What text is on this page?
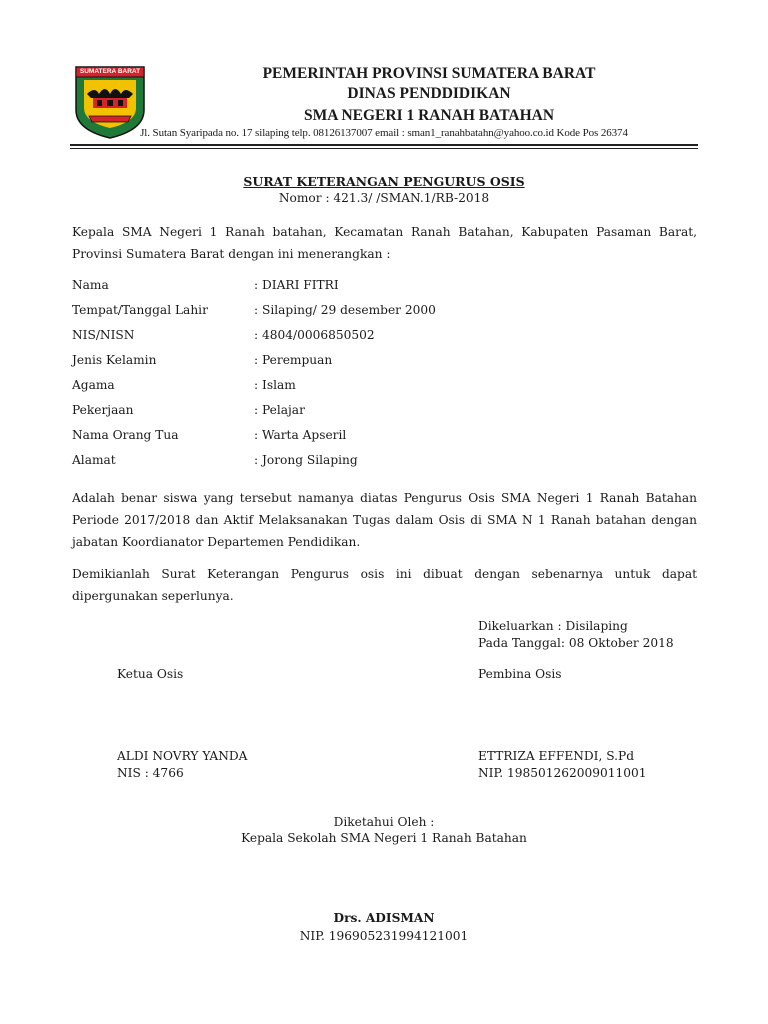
SUMATERA BARAT	PEMERINTAH PROVINSI SUMATERA BARAT
DINAS PENDDIDIKAN
SMA NEGERI 1 RANAH BATAHAN
Jl. Sutan Syaripada no. 17 silaping telp. 08126137007 email : sman1_ranahbatahn@yahoo.co.id Kode Pos 26374
SURAT KETERANGAN PENGURUS OSIS
Nomor : 421.3/ /SMAN.1/RB-2018
Kepala SMA Negeri 1 Ranah batahan, Kecamatan Ranah Batahan, Kabupaten Pasaman Barat, Provinsi Sumatera Barat dengan ini menerangkan :
Nama	: DIARI FITRI
Tempat/Tanggal Lahir	: Silaping/ 29 desember 2000
NIS/NISN	: 4804/0006850502
Jenis Kelamin	: Perempuan
Agama	: Islam
Pekerjaan	: Pelajar
Nama Orang Tua	: Warta Apseril
Alamat	: Jorong Silaping
Adalah benar siswa yang tersebut namanya diatas Pengurus Osis SMA Negeri 1 Ranah Batahan Periode 2017/2018 dan Aktif Melaksanakan Tugas dalam Osis di SMA N 1 Ranah batahan dengan jabatan Koordianator Departemen Pendidikan.
Demikianlah Surat Keterangan Pengurus osis ini dibuat dengan sebenarnya untuk dapat dipergunakan seperlunya.
Dikeluarkan : Disilaping
Pada Tanggal: 08 Oktober 2018
Ketua Osis	Pembina Osis
ALDI NOVRY YANDA
NIS : 4766
ETTRIZA EFFENDI, S.Pd
NIP. 198501262009011001
Diketahui Oleh :
Kepala Sekolah SMA Negeri 1 Ranah Batahan
Drs. ADISMAN
NIP. 196905231994121001
